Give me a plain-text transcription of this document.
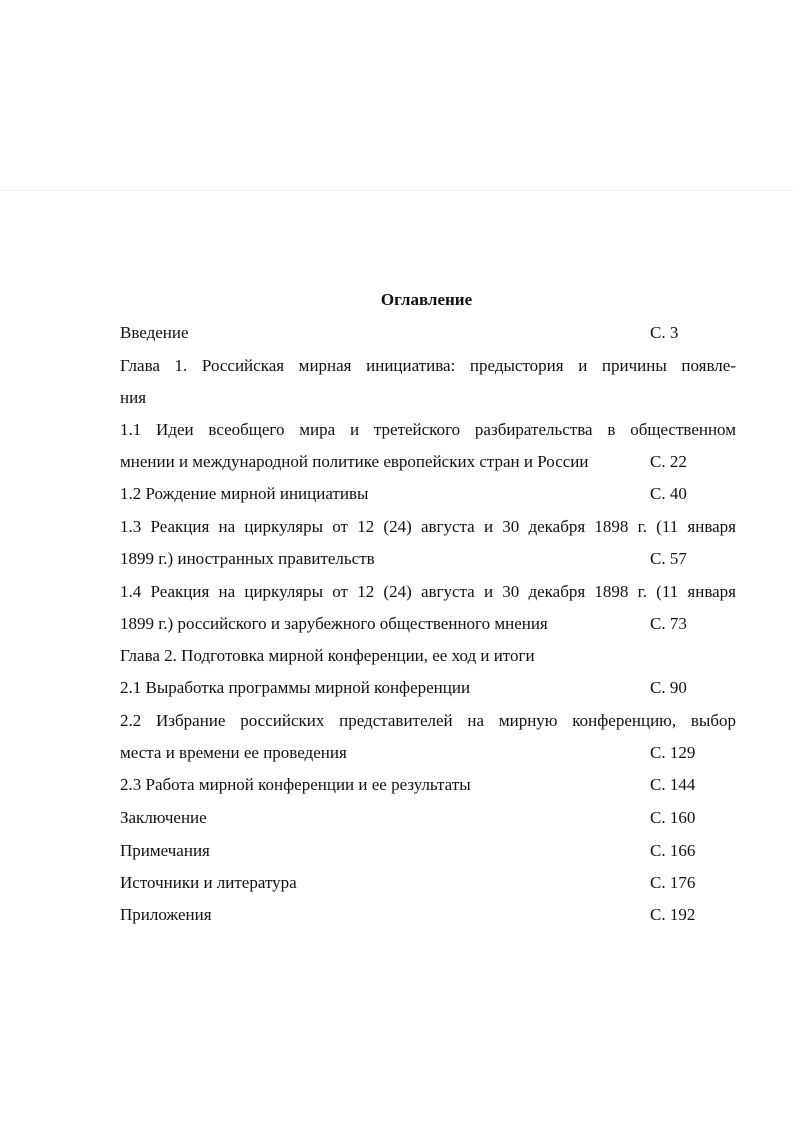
Оглавление
Введение	С. 3
Глава 1. Российская мирная инициатива: предыстория и причины появле-
ния
1.1 Идеи всеобщего мира и третейского разбирательства в общественном
мнении и международной политике европейских стран и России	С. 22
1.2 Рождение мирной инициативы	С. 40
1.3 Реакция на циркуляры от 12 (24) августа и 30 декабря 1898 г. (11 января
1899 г.) иностранных правительств	С. 57
1.4 Реакция на циркуляры от 12 (24) августа и 30 декабря 1898 г. (11 января
1899 г.) российского и зарубежного общественного мнения	С. 73
Глава 2. Подготовка мирной конференции, ее ход и итоги
2.1 Выработка программы мирной конференции	С. 90
2.2 Избрание российских представителей на мирную конференцию, выбор
места и времени ее проведения	С. 129
2.3 Работа мирной конференции и ее результаты	С. 144
Заключение	С. 160
Примечания	С. 166
Источники и литература	С. 176
Приложения	С. 192
